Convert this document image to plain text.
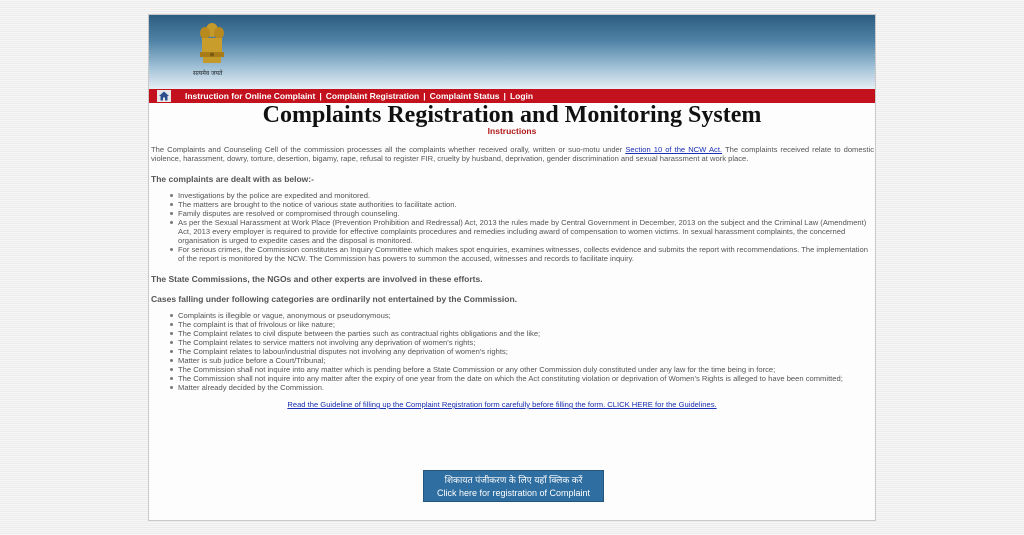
सत्यमेव जयते
Instruction for Online Complaint | Complaint Registration | Complaint Status | Login
Complaints Registration and Monitoring System
Instructions

The Complaints and Counseling Cell of the commission processes all the complaints whether received orally, written or suo-motu under Section 10 of the NCW Act. The complaints received relate to domestic violence, harassment, dowry, torture, desertion, bigamy, rape, refusal to register FIR, cruelty by husband, deprivation, gender discrimination and sexual harassment at work place.

The complaints are dealt with as below:-
Investigations by the police are expedited and monitored.
The matters are brought to the notice of various state authorities to facilitate action.
Family disputes are resolved or compromised through counseling.
As per the Sexual Harassment at Work Place (Prevention Prohibition and Redressal) Act, 2013 the rules made by Central Government in December, 2013 on the subject and the Criminal Law (Amendment) Act, 2013 every employer is required to provide for effective complaints procedures and remedies including award of compensation to women victims. In sexual harassment complaints, the concerned organisation is urged to expedite cases and the disposal is monitored.
For serious crimes, the Commission constitutes an Inquiry Committee which makes spot enquiries, examines witnesses, collects evidence and submits the report with recommendations. The implementation of the report is monitored by the NCW. The Commission has powers to summon the accused, witnesses and records to facilitate inquiry.
The State Commissions, the NGOs and other experts are involved in these efforts.
Cases falling under following categories are ordinarily not entertained by the Commission.
Complaints is illegible or vague, anonymous or pseudonymous;
The complaint is that of frivolous or like nature;
The Complaint relates to civil dispute between the parties such as contractual rights obligations and the like;
The Complaint relates to service matters not involving any deprivation of women's rights;
The Complaint relates to labour/industrial disputes not involving any deprivation of women's rights;
Matter is sub judice before a Court/Tribunal;
The Commission shall not inquire into any matter which is pending before a State Commission or any other Commission duly constituted under any law for the time being in force;
The Commission shall not inquire into any matter after the expiry of one year from the date on which the Act constituting violation or deprivation of Women's Rights is alleged to have been committed;
Matter already decided by the Commission.
Read the Guideline of filling up the Complaint Registration form carefully before filling the form. CLICK HERE for the Guidelines.
शिकायत पंजीकरण के लिए यहाँ क्लिक करें
Click here for registration of Complaint
